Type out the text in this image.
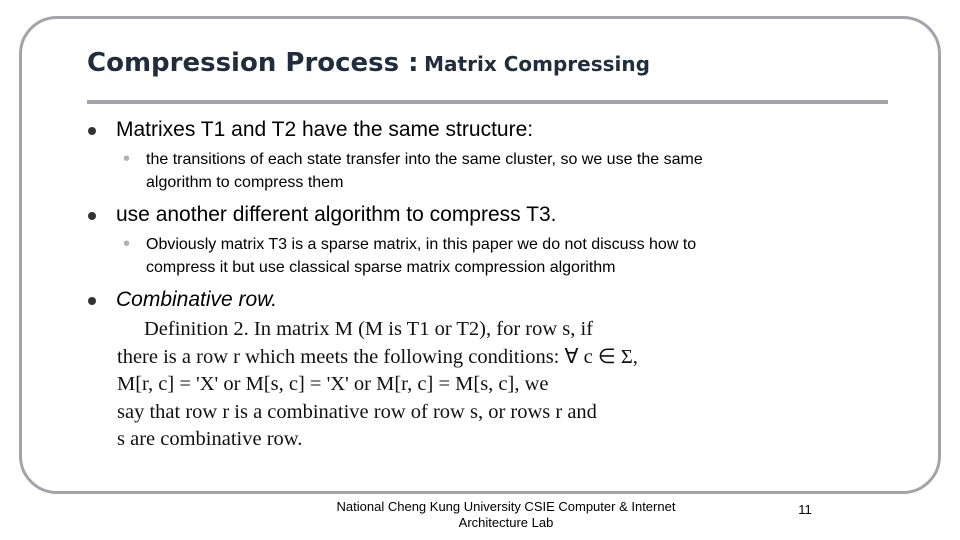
Compression Process : Matrix Compressing
Matrixes T1 and T2 have the same structure:
• the transitions of each state transfer into the same cluster, so we use the same
algorithm to compress them
use another different algorithm to compress T3.
• Obviously matrix T3 is a sparse matrix, in this paper we do not discuss how to
compress it but use classical sparse matrix compression algorithm
Combinative row.

Definition 2. In matrix M (M is T1 or T2), for row s, if

there is a row r which meets the following conditions: ∀ c ∈ Σ,

M[r, c] = 'X' or M[s, c] = 'X' or M[r, c] = M[s, c], we

say that row r is a combinative row of row s, or rows r and

s are combinative row.

National Cheng Kung University CSIE Computer & Internet
Architecture Lab
11
